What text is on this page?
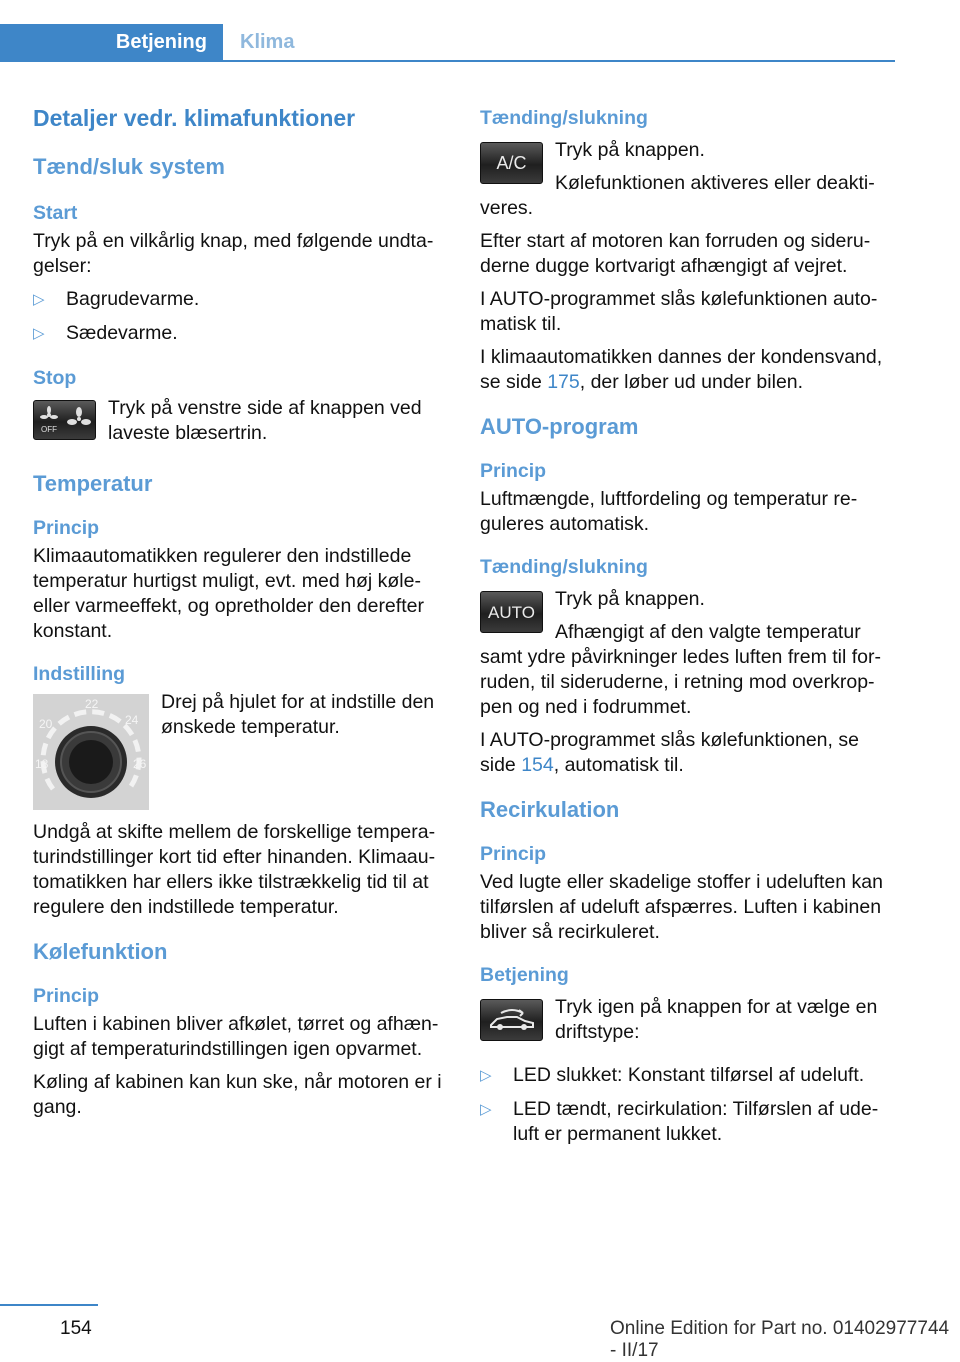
Betjening Klima
Detaljer vedr. klimafunktioner
Tænd/sluk system
Start

Tryk på en vilkårlig knap, med følgende undtagelser:

▷ Bagrudevarme.
▷ Sædevarme.
Stop
OFF

Tryk på venstre side af knappen ved laveste blæsertrin.

Temperatur
Princip

Klimaautomatikken regulerer den indstillede temperatur hurtigst muligt, evt. med høj køle- eller varmeeffekt, og opretholder den derefter konstant.

Indstilling
22
20	24
18	26

Drej på hjulet for at indstille den ønskede temperatur.

Undgå at skifte mellem de forskellige temperaturindstillinger kort tid efter hinanden. Klimaautomatikken har ellers ikke tilstrækkelig tid til at regulere den indstillede temperatur.

Kølefunktion
Princip

Luften i kabinen bliver afkølet, tørret og afhængigt af temperaturindstillingen igen opvarmet.

Køling af kabinen kan kun ske, når motoren er i gang.

Tænding/slukning
A/C

Tryk på knappen.

Kølefunktionen aktiveres eller deaktiveres.

Efter start af motoren kan forruden og sideruderne dugge kortvarigt afhængigt af vejret.

I AUTO-programmet slås kølefunktionen automatisk til.

I klimaautomatikken dannes der kondensvand, se side 175, der løber ud under bilen.

AUTO-program
Princip

Luftmængde, luftfordeling og temperatur reguleres automatisk.

Tænding/slukning
AUTO

Tryk på knappen.

Afhængigt af den valgte temperatur samt ydre påvirkninger ledes luften frem til forruden, til sideruderne, i retning mod overkroppen og ned i fodrummet.

I AUTO-programmet slås kølefunktionen, se side 154, automatisk til.

Recirkulation
Princip

Ved lugte eller skadelige stoffer i udeluften kan tilførslen af udeluft afspærres. Luften i kabinen bliver så recirkuleret.

Betjening

Tryk igen på knappen for at vælge en driftstype:

▷ LED slukket: Konstant tilførsel af udeluft.
▷ LED tændt, recirkulation: Tilførslen af udeluft er permanent lukket.
154	Online Edition for Part no. 01402977744 - II/17
